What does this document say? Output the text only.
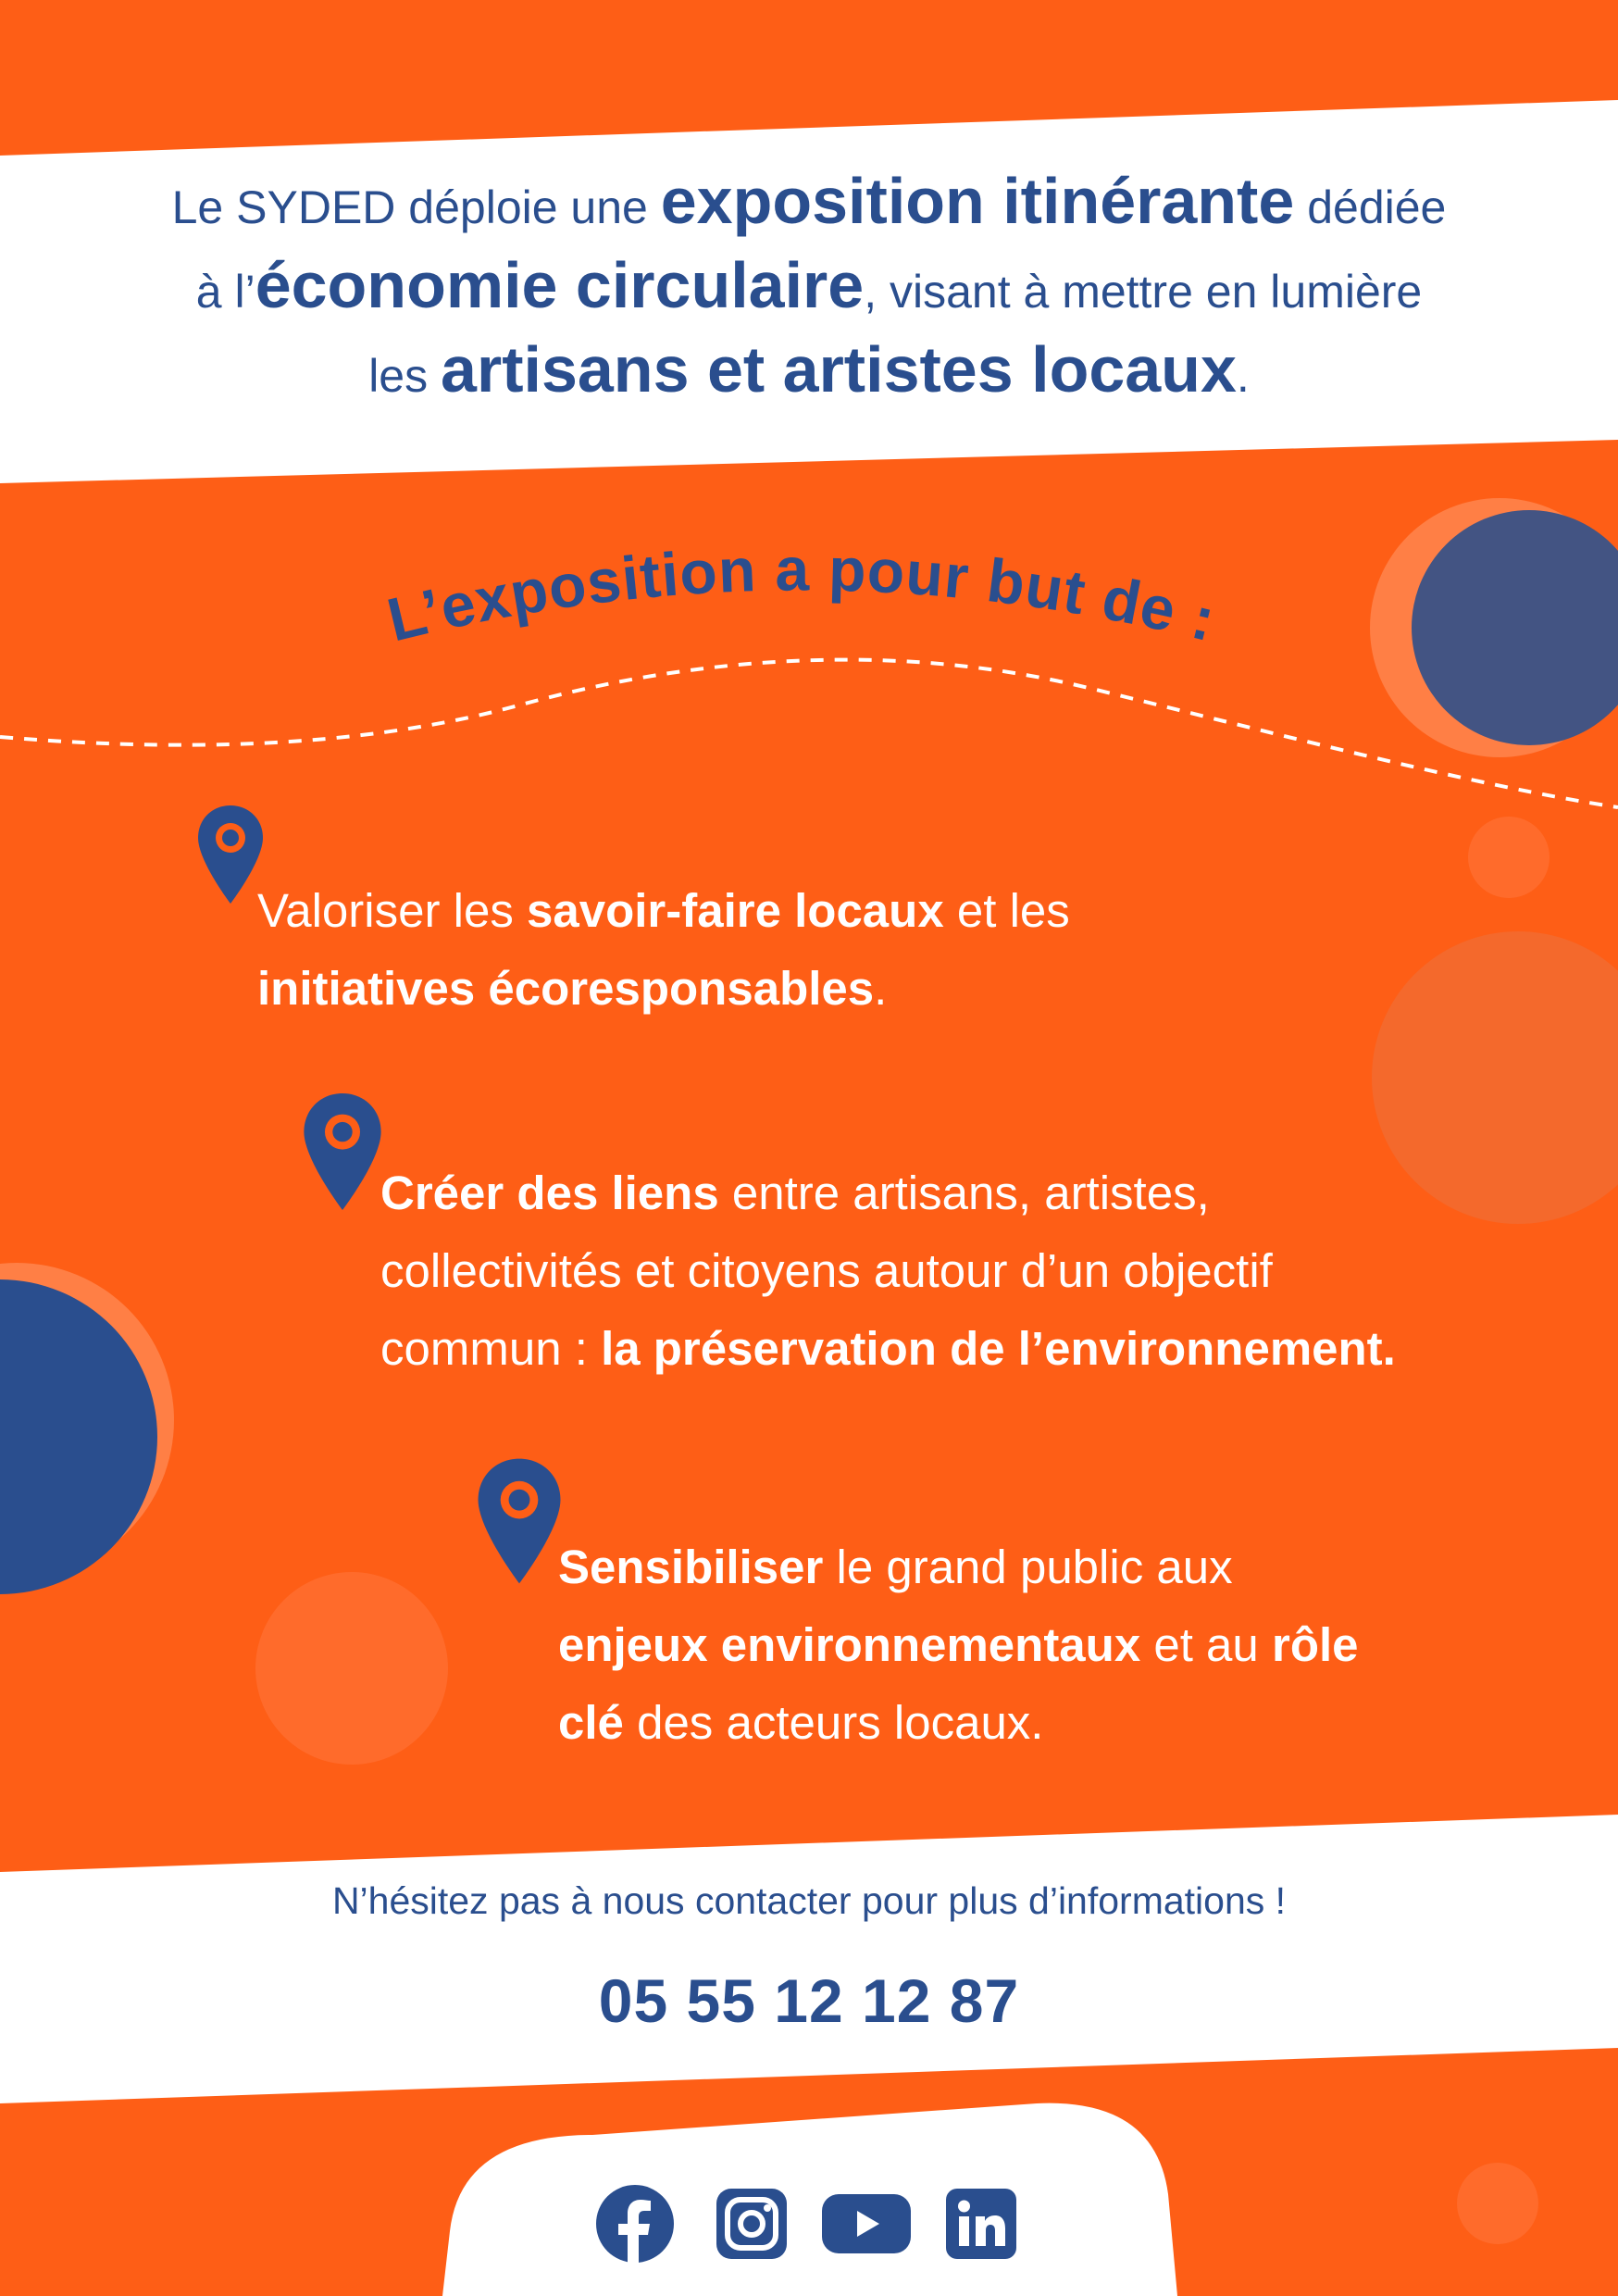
L’exposition a pour but de :
Le SYDED déploie une exposition itinérante dédiée
à l’économie circulaire, visant à mettre en lumière
les artisans et artistes locaux.
Valoriser les savoir-faire locaux et les
initiatives écoresponsables.
Créer des liens entre artisans, artistes,
collectivités et citoyens autour d’un objectif
commun : la préservation de l’environnement.
Sensibiliser le grand public aux
enjeux environnementaux et au rôle
clé des acteurs locaux.
N’hésitez pas à nous contacter pour plus d’informations !
05 55 12 12 87
